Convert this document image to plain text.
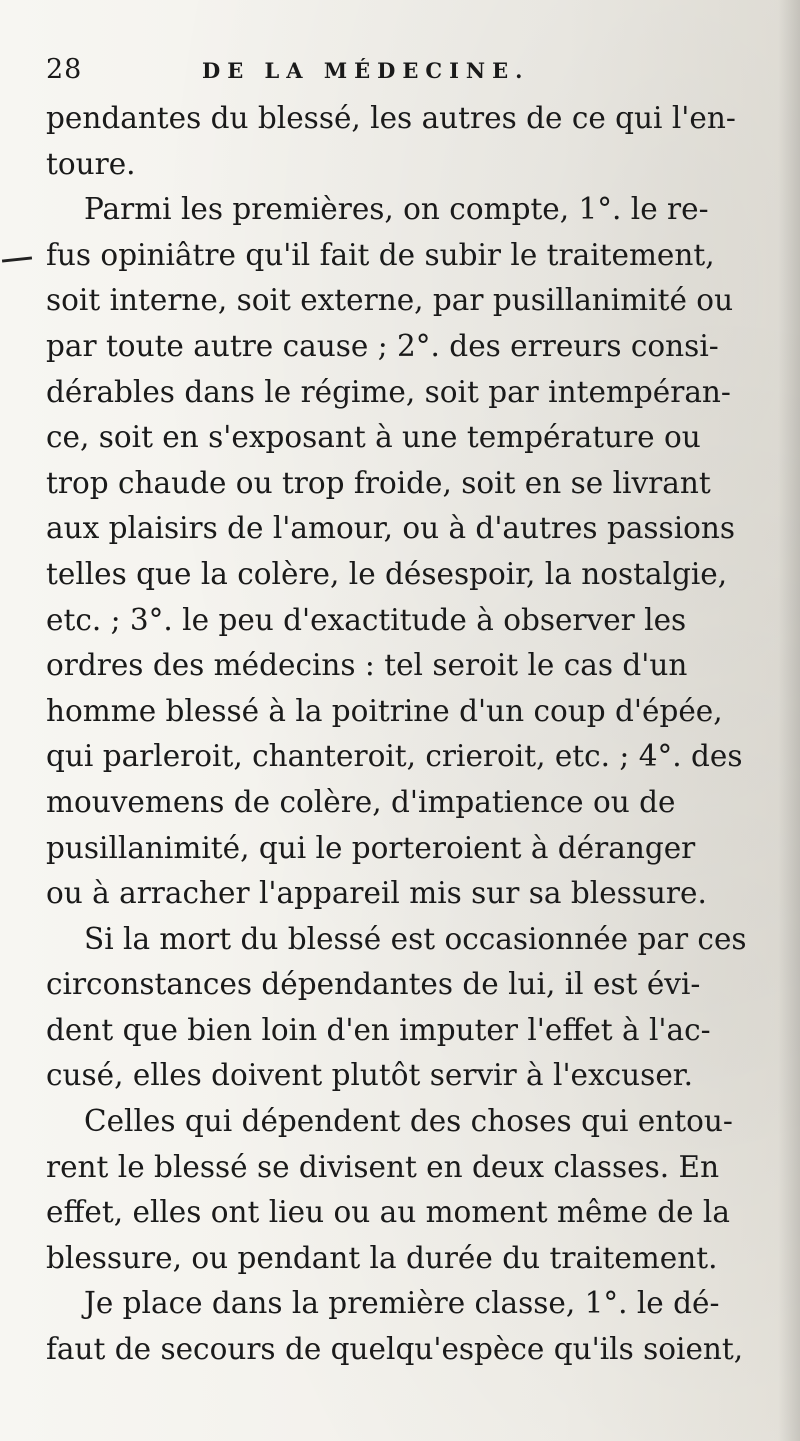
28	DE LA MÉDECINE.
pendantes du blessé, les autres de ce qui l'en-
toure.
Parmi les premières, on compte, 1°. le re-
fus opiniâtre qu'il fait de subir le traitement,
soit interne, soit externe, par pusillanimité ou
par toute autre cause ; 2°. des erreurs consi-
dérables dans le régime, soit par intempéran-
ce, soit en s'exposant à une température ou
trop chaude ou trop froide, soit en se livrant
aux plaisirs de l'amour, ou à d'autres passions
telles que la colère, le désespoir, la nostalgie,
etc. ; 3°. le peu d'exactitude à observer les
ordres des médecins : tel seroit le cas d'un
homme blessé à la poitrine d'un coup d'épée,
qui parleroit, chanteroit, crieroit, etc. ; 4°. des
mouvemens de colère, d'impatience ou de
pusillanimité, qui le porteroient à déranger
ou à arracher l'appareil mis sur sa blessure.
Si la mort du blessé est occasionnée par ces
circonstances dépendantes de lui, il est évi-
dent que bien loin d'en imputer l'effet à l'ac-
cusé, elles doivent plutôt servir à l'excuser.
Celles qui dépendent des choses qui entou-
rent le blessé se divisent en deux classes. En
effet, elles ont lieu ou au moment même de la
blessure, ou pendant la durée du traitement.
Je place dans la première classe, 1°. le dé-
faut de secours de quelqu'espèce qu'ils soient,
